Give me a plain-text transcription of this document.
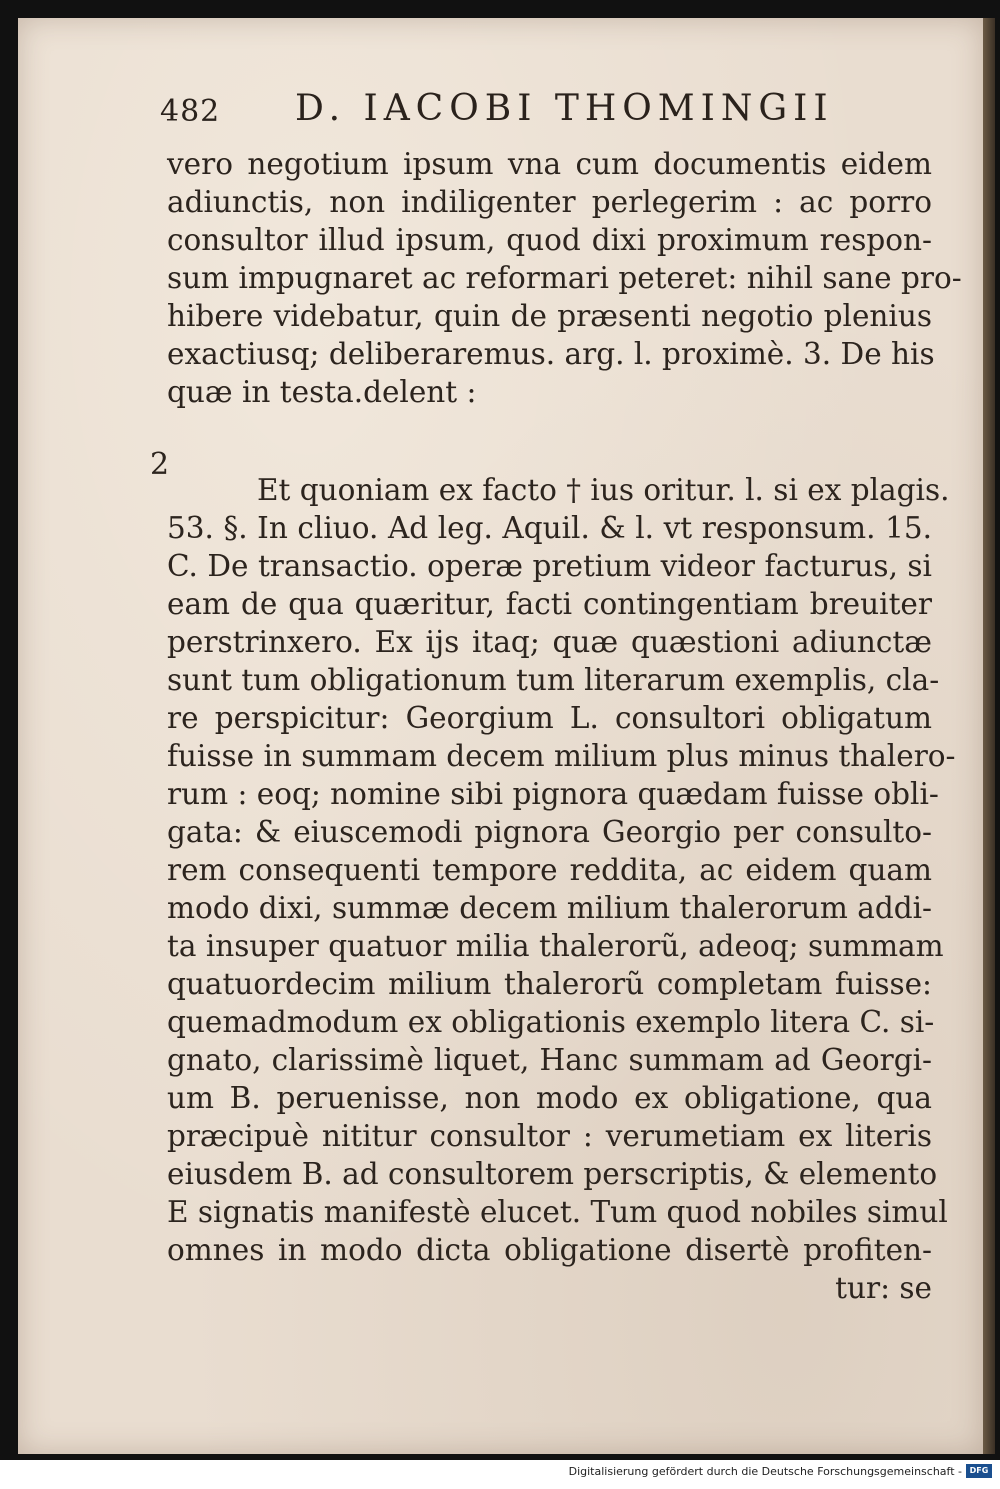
482 D. IACOBI THOMINGII
2
vero negotium ipsum vna cum documentis eidem
adiunctis, non indiligenter perlegerim : ac porro
consultor illud ipsum, quod dixi proximum respon-
sum impugnaret ac reformari peteret: nihil sane pro-
hibere videbatur, quin de præsenti negotio plenius
exactiusq; deliberaremus. arg. l. proximè. 3. De his
quæ in testa.delent :
Et quoniam ex facto † ius oritur. l. si ex plagis.
53. §. In cliuo. Ad leg. Aquil. & l. vt responsum. 15.
C. De transactio. operæ pretium videor facturus, si
eam de qua quæritur, facti contingentiam breuiter
perstrinxero. Ex ijs itaq; quæ quæstioni adiunctæ
sunt tum obligationum tum literarum exemplis, cla-
re perspicitur: Georgium L. consultori obligatum
fuisse in summam decem milium plus minus thalero-
rum : eoq; nomine sibi pignora quædam fuisse obli-
gata: & eiuscemodi pignora Georgio per consulto-
rem consequenti tempore reddita, ac eidem quam
modo dixi, summæ decem milium thalerorum addi-
ta insuper quatuor milia thalerorũ, adeoq; summam
quatuordecim milium thalerorũ completam fuisse:
quemadmodum ex obligationis exemplo litera C. si-
gnato, clarissimè liquet, Hanc summam ad Georgi-
um B. peruenisse, non modo ex obligatione, qua
præcipuè nititur consultor : verumetiam ex literis
eiusdem B. ad consultorem perscriptis, & elemento
E signatis manifestè elucet. Tum quod nobiles simul
omnes in modo dicta obligatione disertè profiten-
tur: se
Digitalisierung gefördert durch die Deutsche Forschungsgemeinschaft - DFG
